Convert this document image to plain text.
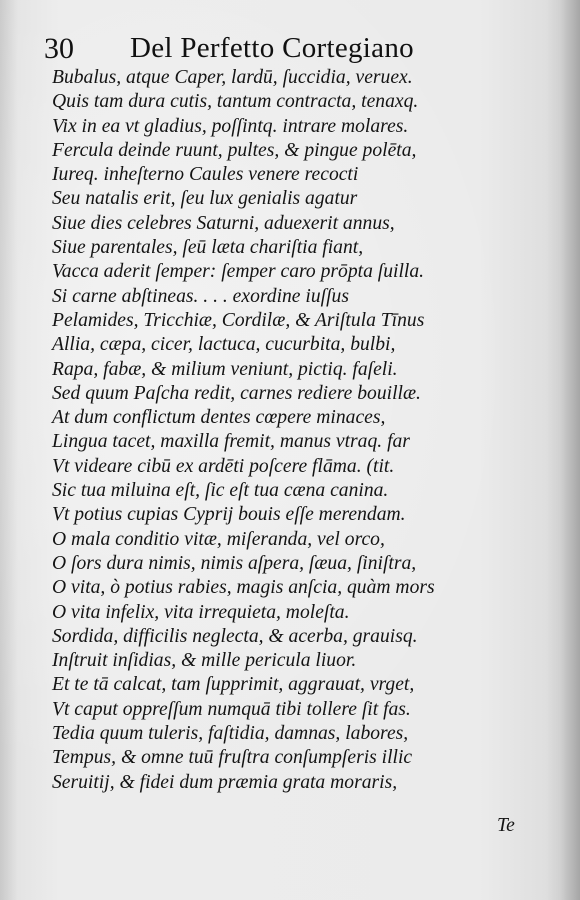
30 Del Perfetto Cortegiano
Bubalus, atque Caper, lardū, ſuccidia, veruex.
Quis tam dura cutis, tantum contracta, tenaxq.
Vix in ea vt gladius, poſſintq. intrare molares.
Fercula deinde ruunt, pultes, & pingue polēta,
Iureq. inheſterno Caules venere recocti
Seu natalis erit, ſeu lux genialis agatur
Siue dies celebres Saturni, aduexerit annus,
Siue parentales, ſeū læta chariſtia fiant,
Vacca aderit ſemper: ſemper caro prōpta ſuilla.
Si carne abſtineas. . . . exordine iuſſus
Pelamides, Tricchiæ, Cordilæ, & Ariſtula Tīnus
Allia, cæpa, cicer, lactuca, cucurbita, bulbi,
Rapa, fabæ, & milium veniunt, pictiq. faſeli.
Sed quum Paſcha redit, carnes rediere bouillæ.
At dum conflictum dentes cœpere minaces,
Lingua tacet, maxilla fremit, manus vtraq. far
Vt videare cibū ex ardēti poſcere flāma. (tit.
Sic tua miluina eſt, ſic eſt tua cæna canina.
Vt potius cupias Cyprij bouis eſſe merendam.
O mala conditio vitæ, miſeranda, vel orco,
O ſors dura nimis, nimis aſpera, ſæua, ſiniſtra,
O vita, ò potius rabies, magis anſcia, quàm mors
O vita infelix, vita irrequieta, moleſta.
Sordida, difficilis neglecta, & acerba, grauisq.
Inſtruit inſidias, & mille pericula liuor.
Et te tā calcat, tam ſupprimit, aggrauat, vrget,
Vt caput oppreſſum numquā tibi tollere ſit fas.
Tedia quum tuleris, faſtidia, damnas, labores,
Tempus, & omne tuū fruſtra conſumpſeris illic
Seruitij, & fidei dum præmia grata moraris,
Te
